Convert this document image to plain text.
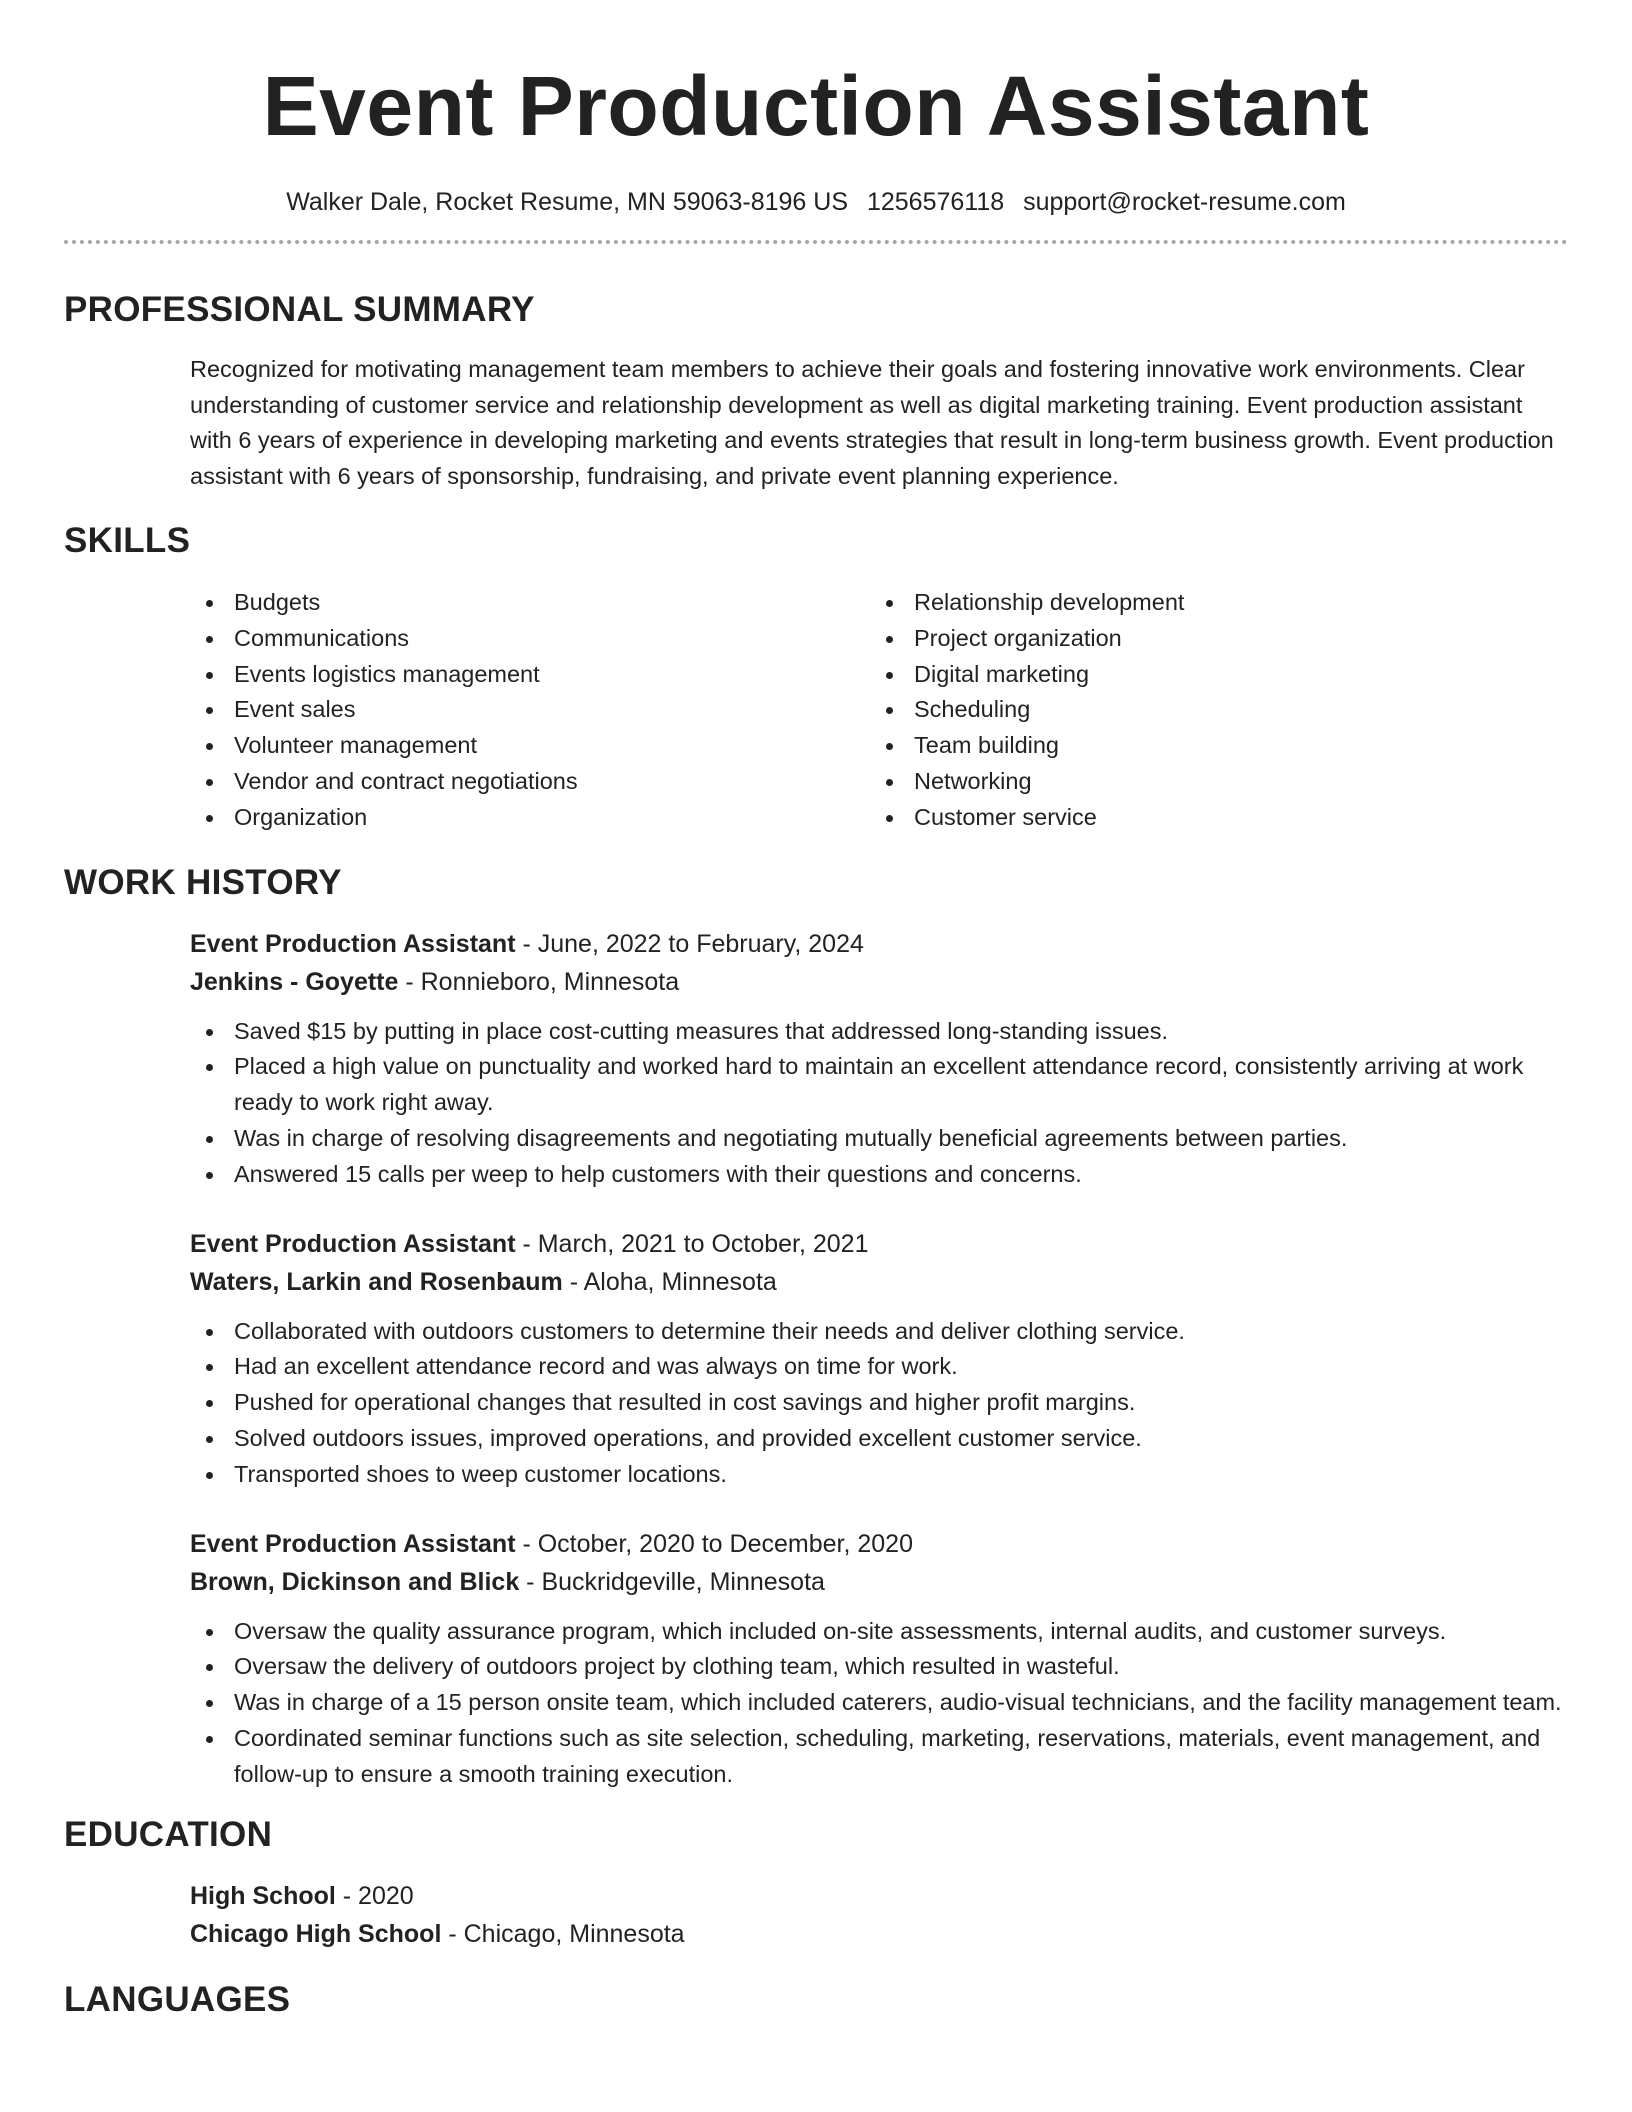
Event Production Assistant
Walker Dale, Rocket Resume, MN 59063-8196 US 1256576118 support@rocket-resume.com
PROFESSIONAL SUMMARY

Recognized for motivating management team members to achieve their goals and fostering innovative work environments. Clear understanding of customer service and relationship development as well as digital marketing training. Event production assistant with 6 years of experience in developing marketing and events strategies that result in long-term business growth. Event production assistant with 6 years of sponsorship, fundraising, and private event planning experience.

SKILLS
Budgets
Communications
Events logistics management
Event sales
Volunteer management
Vendor and contract negotiations
Organization
Relationship development
Project organization
Digital marketing
Scheduling
Team building
Networking
Customer service
WORK HISTORY
Event Production Assistant - June, 2022 to February, 2024
Jenkins - Goyette - Ronnieboro, Minnesota
Saved $15 by putting in place cost-cutting measures that addressed long-standing issues.
Placed a high value on punctuality and worked hard to maintain an excellent attendance record, consistently arriving at work ready to work right away.
Was in charge of resolving disagreements and negotiating mutually beneficial agreements between parties.
Answered 15 calls per weep to help customers with their questions and concerns.
Event Production Assistant - March, 2021 to October, 2021
Waters, Larkin and Rosenbaum - Aloha, Minnesota
Collaborated with outdoors customers to determine their needs and deliver clothing service.
Had an excellent attendance record and was always on time for work.
Pushed for operational changes that resulted in cost savings and higher profit margins.
Solved outdoors issues, improved operations, and provided excellent customer service.
Transported shoes to weep customer locations.
Event Production Assistant - October, 2020 to December, 2020
Brown, Dickinson and Blick - Buckridgeville, Minnesota
Oversaw the quality assurance program, which included on-site assessments, internal audits, and customer surveys.
Oversaw the delivery of outdoors project by clothing team, which resulted in wasteful.
Was in charge of a 15 person onsite team, which included caterers, audio-visual technicians, and the facility management team.
Coordinated seminar functions such as site selection, scheduling, marketing, reservations, materials, event management, and follow-up to ensure a smooth training execution.
EDUCATION
High School - 2020
Chicago High School - Chicago, Minnesota
LANGUAGES
